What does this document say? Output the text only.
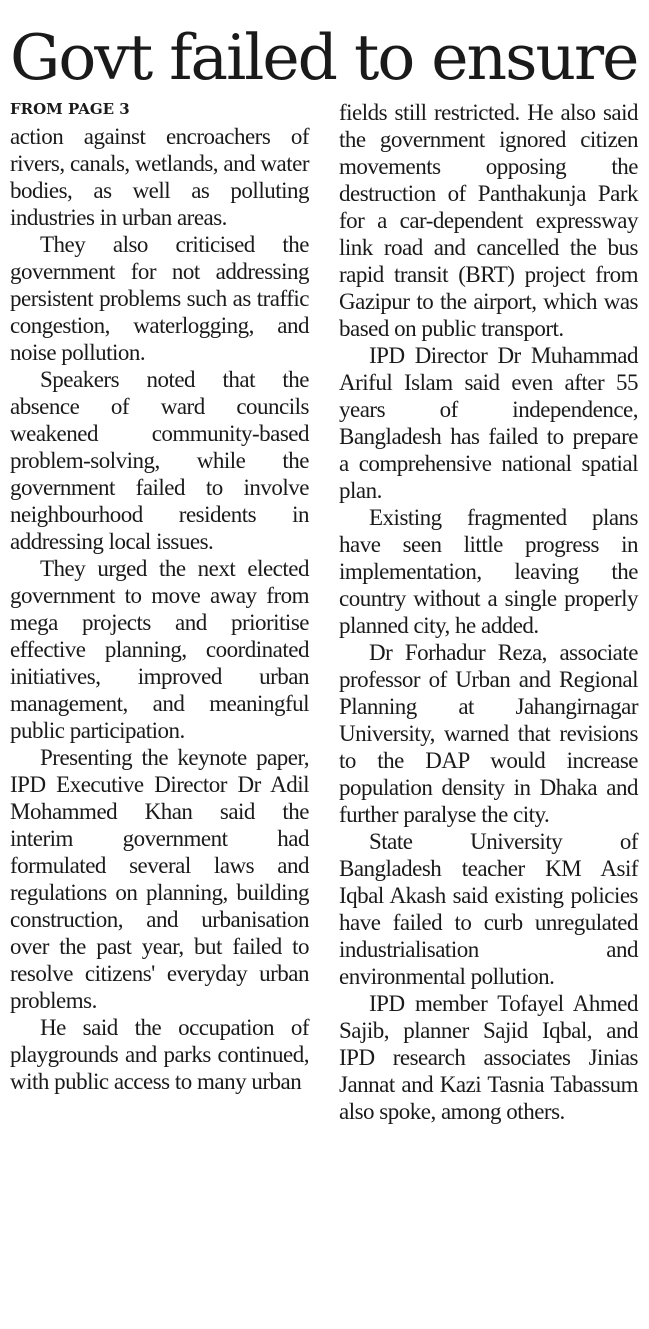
Govt failed to ensure
FROM PAGE 3

action against encroachers of rivers, canals, wetlands, and water bodies, as well as polluting industries in urban areas.

They also criticised the government for not addressing persistent problems such as traffic congestion, waterlogging, and noise pollution.

Speakers noted that the absence of ward councils weakened community-based problem-solving, while the government failed to involve neighbourhood residents in addressing local issues.

They urged the next elected government to move away from mega projects and prioritise effective planning, coordinated initiatives, improved urban management, and meaningful public participation.

Presenting the keynote paper, IPD Executive Director Dr Adil Mohammed Khan said the interim government had formulated several laws and regulations on planning, building construction, and urbanisation over the past year, but failed to resolve citizens' everyday urban problems.

He said the occupation of playgrounds and parks continued, with public access to many urban

fields still restricted. He also said the government ignored citizen movements opposing the destruction of Panthakunja Park for a car-dependent expressway link road and cancelled the bus rapid transit (BRT) project from Gazipur to the airport, which was based on public transport.

IPD Director Dr Muhammad Ariful Islam said even after 55 years of independence, Bangladesh has failed to prepare a comprehensive national spatial plan.

Existing fragmented plans have seen little progress in implementation, leaving the country without a single properly planned city, he added.

Dr Forhadur Reza, associate professor of Urban and Regional Planning at Jahangirnagar University, warned that revisions to the DAP would increase population density in Dhaka and further paralyse the city.

State University of Bangladesh teacher KM Asif Iqbal Akash said existing policies have failed to curb unregulated industrialisation and environmental pollution.

IPD member Tofayel Ahmed Sajib, planner Sajid Iqbal, and IPD research associates Jinias Jannat and Kazi Tasnia Tabassum also spoke, among others.
